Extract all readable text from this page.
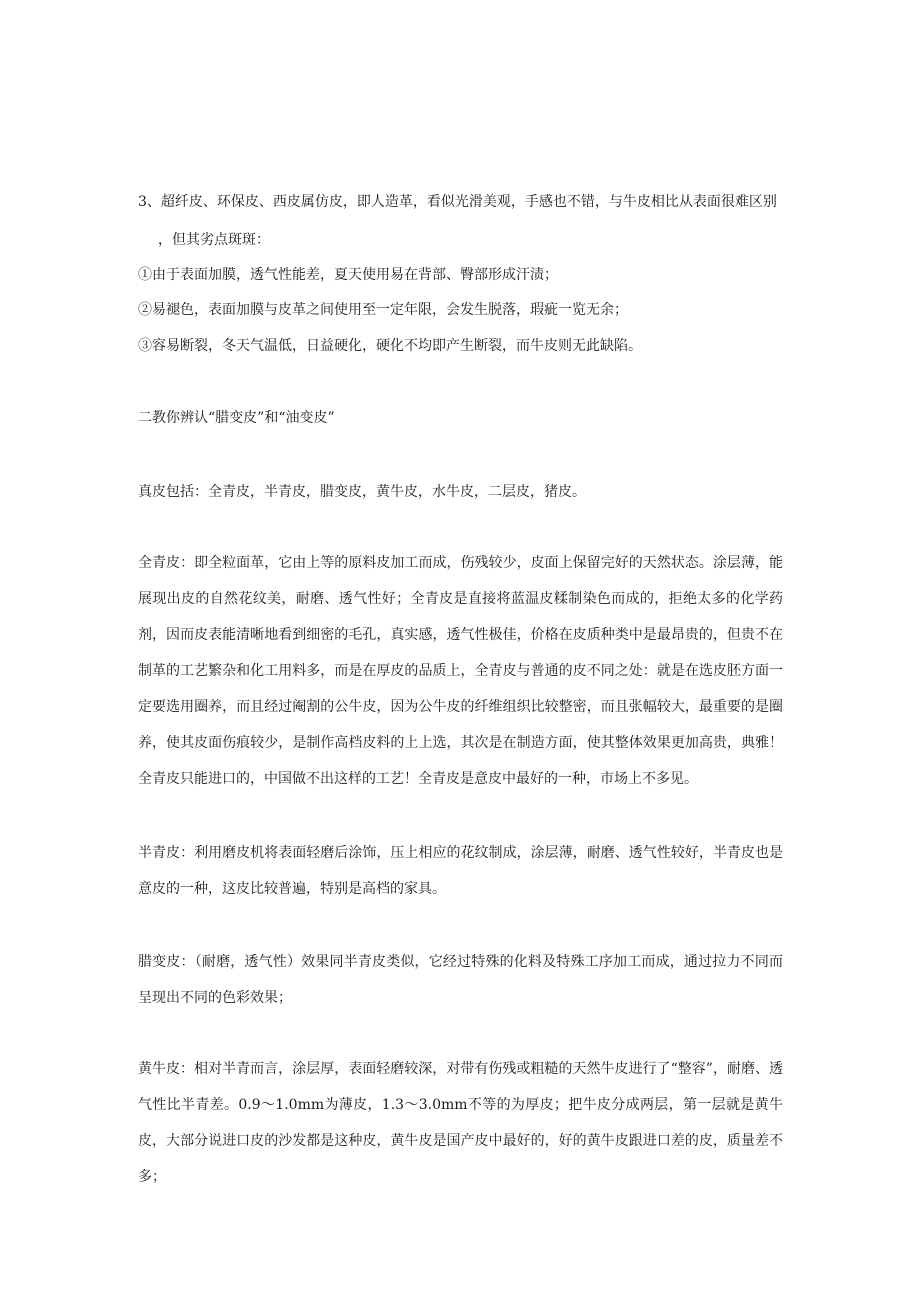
3、超纤皮、环保皮、西皮属仿皮，即人造革，看似光滑美观，手感也不错，与牛皮相比从表面很难区别
，但其劣点斑斑：
①由于表面加膜，透气性能差，夏天使用易在背部、臀部形成汗渍；
②易褪色，表面加膜与皮革之间使用至一定年限，会发生脱落，瑕疵一览无余；
③容易断裂，冬天气温低，日益硬化，硬化不均即产生断裂，而牛皮则无此缺陷。
二教你辨认“腊变皮”和“油变皮”
真皮包括：全青皮，半青皮，腊变皮，黄牛皮，水牛皮，二层皮，猪皮。
全青皮：即全粒面革，它由上等的原料皮加工而成，伤残较少，皮面上保留完好的天然状态。涂层薄，能展现出皮的自然花纹美，耐磨、透气性好；全青皮是直接将蓝温皮糅制染色而成的，拒绝太多的化学药剂，因而皮表能清晰地看到细密的毛孔，真实感，透气性极佳，价格在皮质种类中是最昂贵的，但贵不在制革的工艺繁杂和化工用料多，而是在厚皮的品质上，全青皮与普通的皮不同之处：就是在选皮胚方面一定要选用圈养，而且经过阉割的公牛皮，因为公牛皮的纤维组织比较整密，而且张幅较大，最重要的是圈养，使其皮面伤痕较少，是制作高档皮料的上上选，其次是在制造方面，使其整体效果更加高贵，典雅！全青皮只能进口的，中国做不出这样的工艺！全青皮是意皮中最好的一种，市场上不多见。
半青皮：利用磨皮机将表面轻磨后涂饰，压上相应的花纹制成，涂层薄，耐磨、透气性较好，半青皮也是意皮的一种，这皮比较普遍，特别是高档的家具。
腊变皮：（耐磨，透气性）效果同半青皮类似，它经过特殊的化料及特殊工序加工而成，通过拉力不同而呈现出不同的色彩效果；
黄牛皮：相对半青而言，涂层厚，表面轻磨较深，对带有伤残或粗糙的天然牛皮进行了“整容”，耐磨、透气性比半青差。0.9～1.0mm为薄皮，1.3～3.0mm不等的为厚皮；把牛皮分成两层，第一层就是黄牛皮，大部分说进口皮的沙发都是这种皮，黄牛皮是国产皮中最好的，好的黄牛皮跟进口差的皮，质量差不多；
